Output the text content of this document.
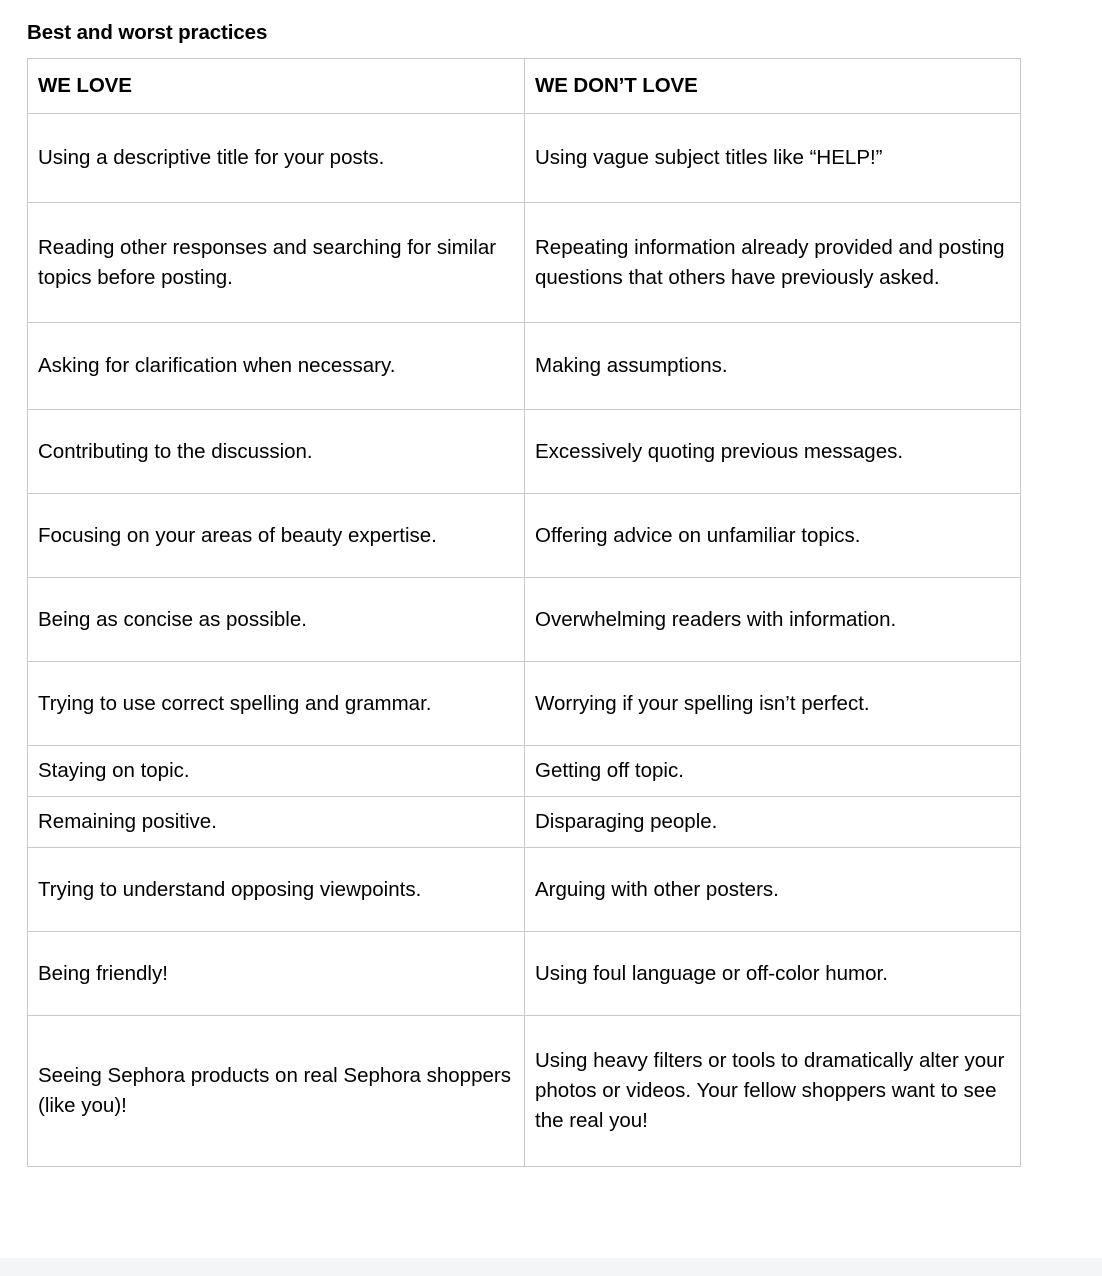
Best and worst practices
WE LOVE	WE DON’T LOVE
Using a descriptive title for your posts.	Using vague subject titles like “HELP!”
Reading other responses and searching for similar topics before posting.	Repeating information already provided and posting questions that others have previously asked.
Asking for clarification when necessary.	Making assumptions.
Contributing to the discussion.	Excessively quoting previous messages.
Focusing on your areas of beauty expertise.	Offering advice on unfamiliar topics.
Being as concise as possible.	Overwhelming readers with information.
Trying to use correct spelling and grammar.	Worrying if your spelling isn’t perfect.
Staying on topic.	Getting off topic.
Remaining positive.	Disparaging people.
Trying to understand opposing viewpoints.	Arguing with other posters.
Being friendly!	Using foul language or off-color humor.
Seeing Sephora products on real Sephora shoppers (like you)!	Using heavy filters or tools to dramatically alter your photos or videos. Your fellow shoppers want to see the real you!
